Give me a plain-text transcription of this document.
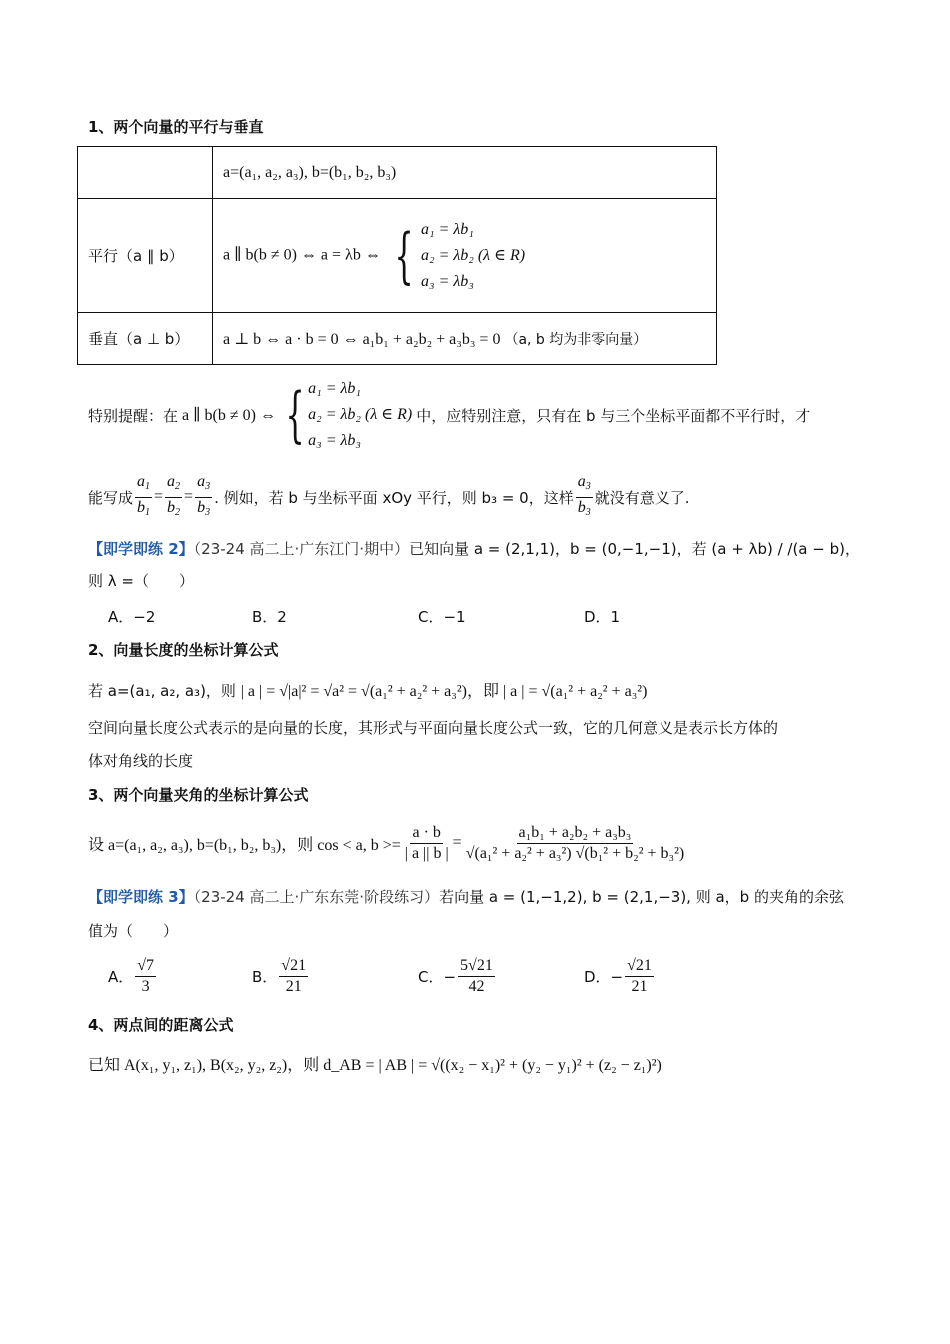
1、两个向量的平行与垂直
	a=(a₁, a₂, a₃), b=(b₁, b₂, b₃)
平行（a ∥ b）	a ∥ b(b ≠ 0) ⇔ a = λb ⇔ { a₁ = λb₁
a₂ = λb₂ (λ ∈ R)
a₃ = λb₃

垂直（a ⊥ b）	a ⊥ b ⇔ a · b = 0 ⇔ a₁b₁ + a₂b₂ + a₃b₃ = 0 （a, b 均为非零向量）
特别提醒：在 a ∥ b(b ≠ 0) ⇔ { a₁ = λb₁
a₂ = λb₂ (λ ∈ R)
a₃ = λb₃
中，应特别注意，只有在 b 与三个坐标平面都不平行时，才
能写成 $\frac{a_1}{b_1} = \frac{a_2}{b_2} = \frac{a_3}{b_3}$ . 例如，若 b 与坐标平面 xOy 平行，则 b₃ = 0，这样 $\frac{a_3}{b_3}$ 就没有意义了.
【即学即练 2】（23-24 高二上·广东江门·期中）已知向量 a = (2,1,1)，b = (0,−1,−1)，若 (a + λb) / /(a − b)，
则 λ =（　　）
A．−2	B．2	C．−1	D．1
2、向量长度的坐标计算公式
若 a=(a₁, a₂, a₃)，则 | a | = √|a|² = √a² = √(a₁² + a₂² + a₃²)，即 | a | = √(a₁² + a₂² + a₃²)
空间向量长度公式表示的是向量的长度，其形式与平面向量长度公式一致，它的几何意义是表示长方体的
体对角线的长度
3、两个向量夹角的坐标计算公式
设 a=(a₁, a₂, a₃), b=(b₁, b₂, b₃)，则 cos < a, $b >= \frac{a \cdot b}{| a || b |} = \frac{\text{a₁b₁ + a₂b₂ + a₃b₃}}{\text{√(a₁² + a₂² + a₃²) √(b₁² + b₂² + b₃²)}}$
【即学即练 3】（23-24 高二上·广东东莞·阶段练习）若向量 a = (1,−1,2), b = (2,1,−3), 则 a，b 的夹角的余弦
值为（　　）
A． $\frac{√7}{3}$	B． $\frac{√21}{21}$	C．− $\frac{5√21}{42}$	D．− $\frac{√21}{21}$
4、两点间的距离公式
已知 A(x₁, y₁, z₁), B(x₂, y₂, z₂)，则 d_AB = | AB | = √((x₂ − x₁)² + (y₂ − y₁)² + (z₂ − z₁)²)
